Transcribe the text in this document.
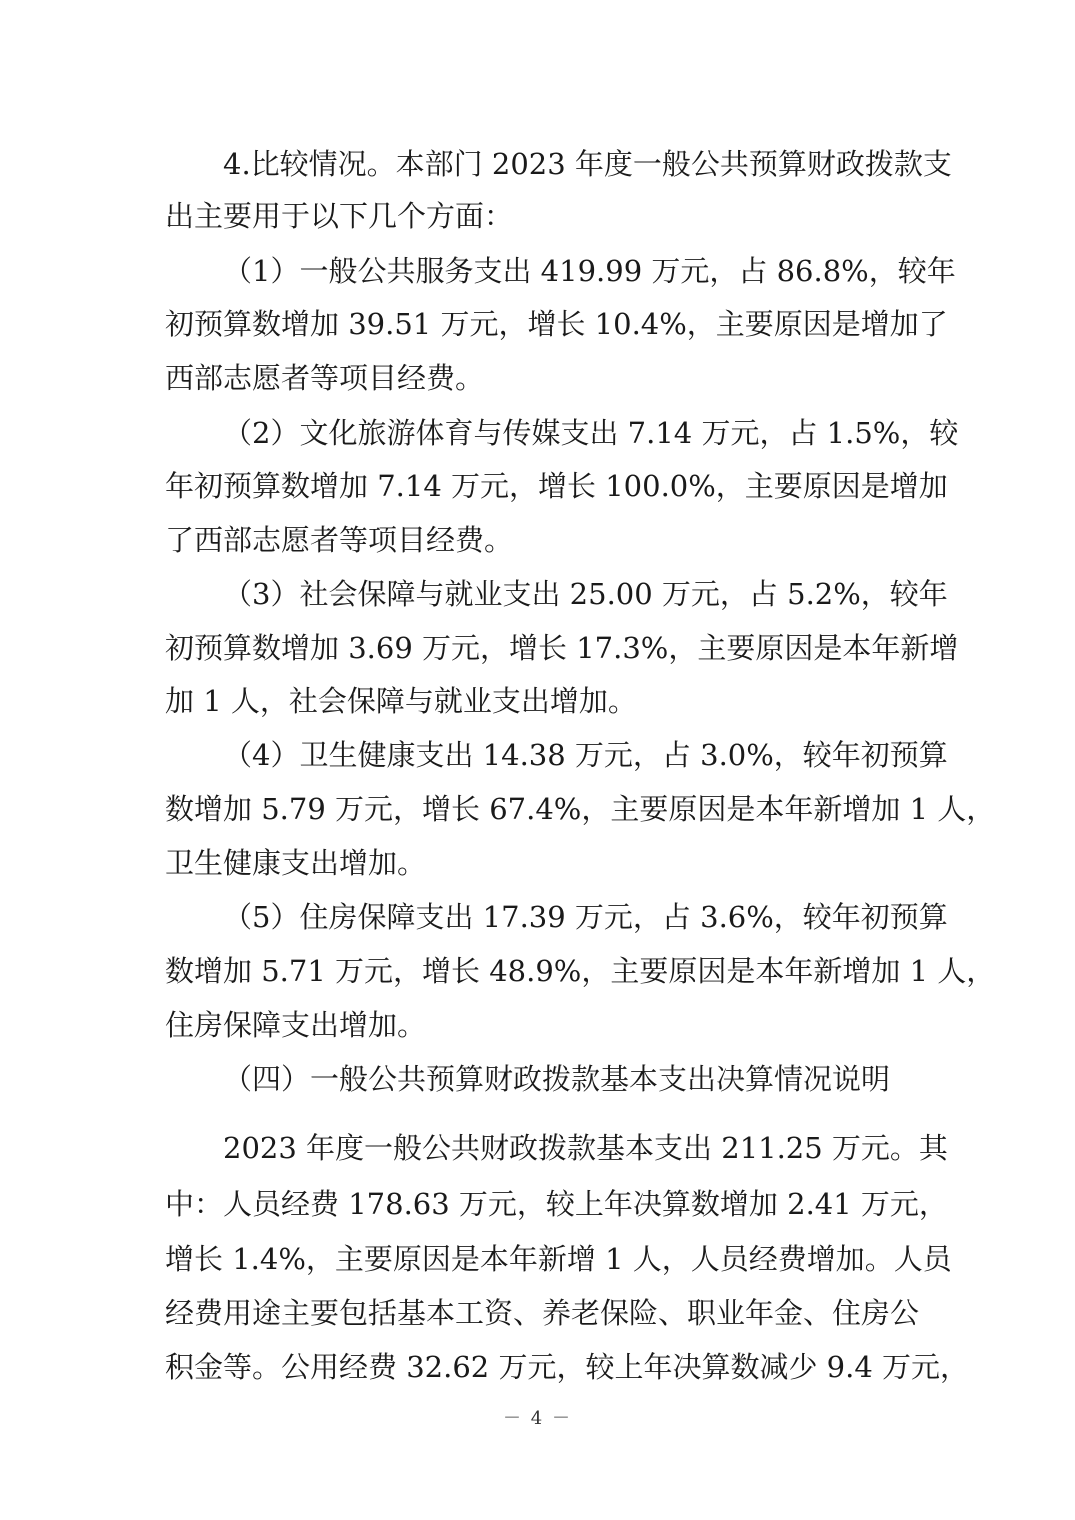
4.比较情况。本部门 2023 年度一般公共预算财政拨款支
出主要用于以下几个方面：
（1）一般公共服务支出 419.99 万元，占 86.8%，较年
初预算数增加 39.51 万元，增长 10.4%，主要原因是增加了
西部志愿者等项目经费。
（2）文化旅游体育与传媒支出 7.14 万元，占 1.5%，较
年初预算数增加 7.14 万元，增长 100.0%，主要原因是增加
了西部志愿者等项目经费。
（3）社会保障与就业支出 25.00 万元，占 5.2%，较年
初预算数增加 3.69 万元，增长 17.3%，主要原因是本年新增
加 1 人，社会保障与就业支出增加。
（4）卫生健康支出 14.38 万元，占 3.0%，较年初预算
数增加 5.79 万元，增长 67.4%，主要原因是本年新增加 1 人，
卫生健康支出增加。
（5）住房保障支出 17.39 万元，占 3.6%，较年初预算
数增加 5.71 万元，增长 48.9%，主要原因是本年新增加 1 人，
住房保障支出增加。
（四）一般公共预算财政拨款基本支出决算情况说明
2023 年度一般公共财政拨款基本支出 211.25 万元。其
中：人员经费 178.63 万元，较上年决算数增加 2.41 万元，
增长 1.4%，主要原因是本年新增 1 人，人员经费增加。人员
经费用途主要包括基本工资、养老保险、职业年金、住房公
积金等。公用经费 32.62 万元，较上年决算数减少 9.4 万元，
－ 4 －
